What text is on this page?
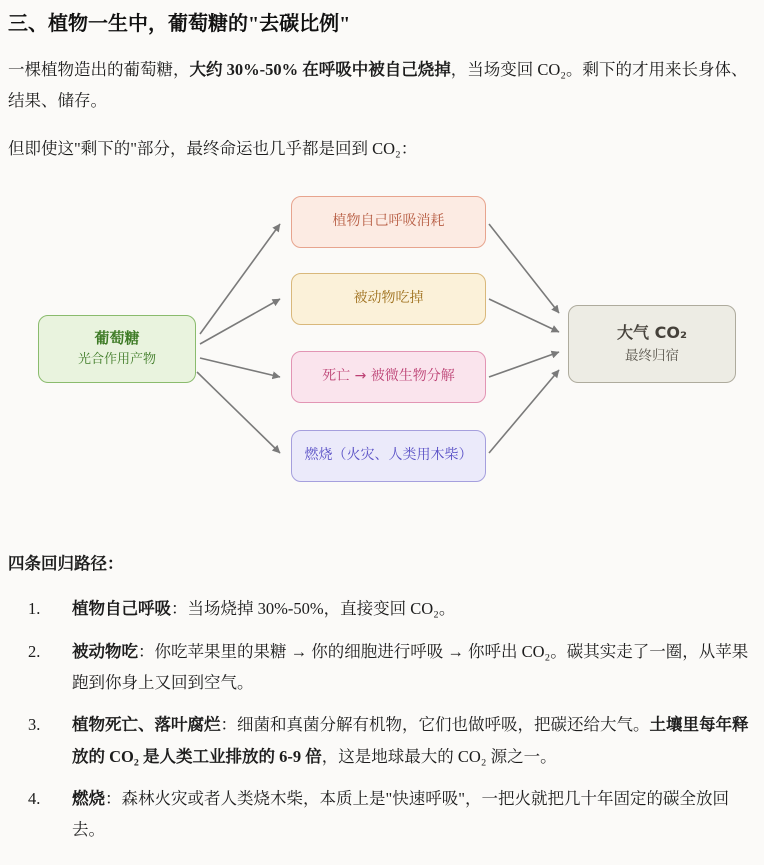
三、植物一生中，葡萄糖的"去碳比例"

一棵植物造出的葡萄糖，大约 30%-50% 在呼吸中被自己烧掉，当场变回 CO₂。剩下的才用来长身体、结果、储存。

但即使这"剩下的"部分，最终命运也几乎都是回到 CO₂：

葡萄糖
光合作用产物
植物自己呼吸消耗
被动物吃掉
死亡 → 被微生物分解
燃烧（火灾、人类用木柴）
大气 CO₂
最终归宿

四条回归路径：

1.	植物自己呼吸：当场烧掉 30%-50%，直接变回 CO₂。
2.	被动物吃：你吃苹果里的果糖 → 你的细胞进行呼吸 → 你呼出 CO₂。碳其实走了一圈，从苹果跑到你身上又回到空气。
3.	植物死亡、落叶腐烂：细菌和真菌分解有机物，它们也做呼吸，把碳还给大气。土壤里每年释放的 CO₂ 是人类工业排放的 6-9 倍，这是地球最大的 CO₂ 源之一。
4.	燃烧：森林火灾或者人类烧木柴，本质上是"快速呼吸"，一把火就把几十年固定的碳全放回去。
